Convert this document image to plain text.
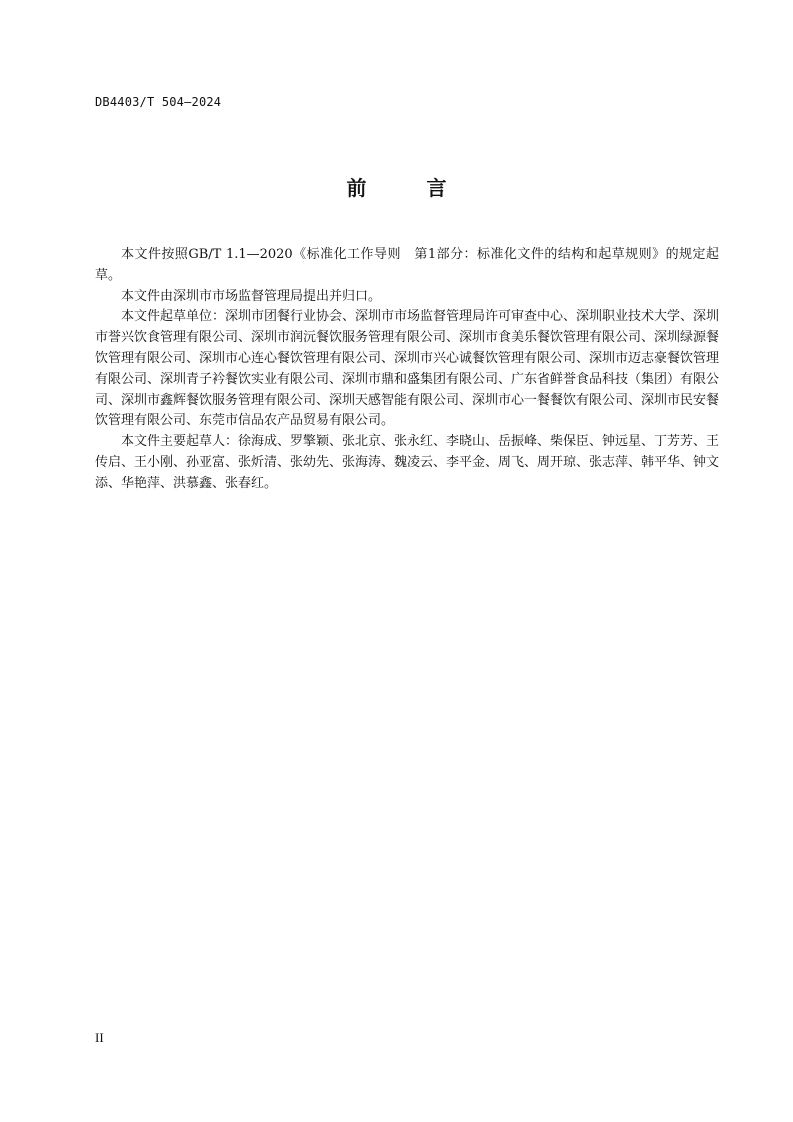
DB4403/T 504—2024
前　言

本文件按照GB/T 1.1—2020《标准化工作导则　第1部分：标准化文件的结构和起草规则》的规定起草。

本文件由深圳市市场监督管理局提出并归口。

本文件起草单位：深圳市团餐行业协会、深圳市市场监督管理局许可审查中心、深圳职业技术大学、深圳市誉兴饮食管理有限公司、深圳市润沅餐饮服务管理有限公司、深圳市食美乐餐饮管理有限公司、深圳绿源餐饮管理有限公司、深圳市心连心餐饮管理有限公司、深圳市兴心诚餐饮管理有限公司、深圳市迈志豪餐饮管理有限公司、深圳青子衿餐饮实业有限公司、深圳市鼎和盛集团有限公司、广东省鲜誉食品科技（集团）有限公司、深圳市鑫辉餐饮服务管理有限公司、深圳天感智能有限公司、深圳市心一餐餐饮有限公司、深圳市民安餐饮管理有限公司、东莞市信品农产品贸易有限公司。

本文件主要起草人：徐海成、罗擎颖、张北京、张永红、李晓山、岳振峰、柴保臣、钟远星、丁芳芳、王传启、王小刚、孙亚富、张炘清、张幼先、张海涛、魏凌云、李平金、周飞、周开琼、张志萍、韩平华、钟文添、华艳萍、洪慕鑫、张春红。

II
